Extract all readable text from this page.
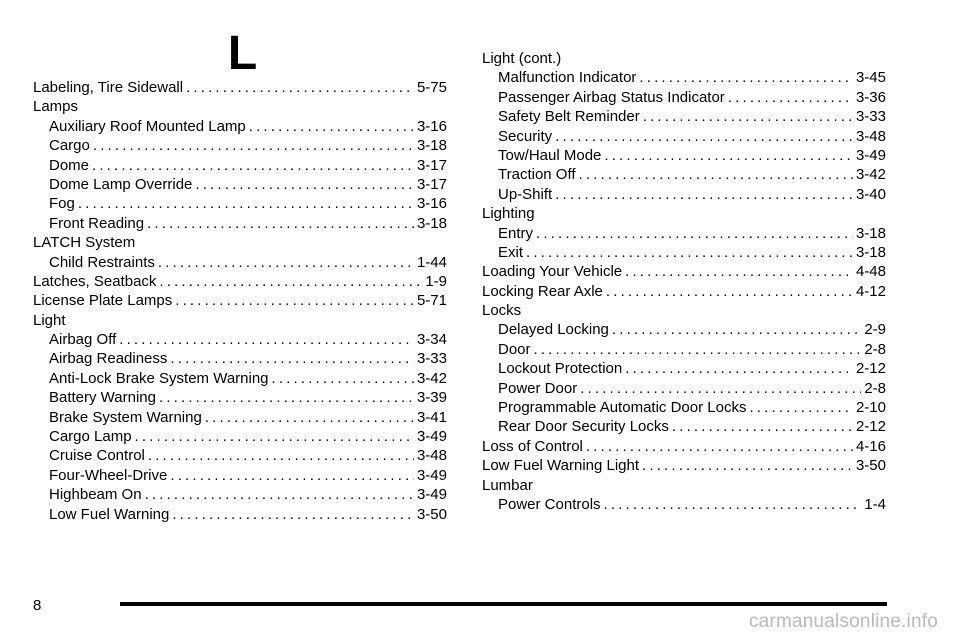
L
Labeling, Tire Sidewall . . .	5-75
Lamps
Auxiliary Roof Mounted Lamp . . .	3-16
Cargo . . .	3-18
Dome . . .	3-17
Dome Lamp Override . . .	3-17
Fog . . .	3-16
Front Reading . . .	3-18
LATCH System
Child Restraints . . .	1-44
Latches, Seatback . . .	1-9
License Plate Lamps . . .	5-71
Light
Airbag Off . . .	3-34
Airbag Readiness . . .	3-33
Anti-Lock Brake System Warning . . .	3-42
Battery Warning . . .	3-39
Brake System Warning . . .	3-41
Cargo Lamp . . .	3-49
Cruise Control . . .	3-48
Four-Wheel-Drive . . .	3-49
Highbeam On . . .	3-49
Low Fuel Warning . . .	3-50
Light (cont.)
Malfunction Indicator . . .	3-45
Passenger Airbag Status Indicator . . .	3-36
Safety Belt Reminder . . .	3-33
Security . . .	3-48
Tow/Haul Mode . . .	3-49
Traction Off . . .	3-42
Up-Shift . . .	3-40
Lighting
Entry . . .	3-18
Exit . . .	3-18
Loading Your Vehicle . . .	4-48
Locking Rear Axle . . .	4-12
Locks
Delayed Locking . . .	2-9
Door . . .	2-8
Lockout Protection . . .	2-12
Power Door . . .	2-8
Programmable Automatic Door Locks . . .	2-10
Rear Door Security Locks . . .	2-12
Loss of Control . . .	4-16
Low Fuel Warning Light . . .	3-50
Lumbar
Power Controls . . .	1-4
8
carmanualsonline.info
